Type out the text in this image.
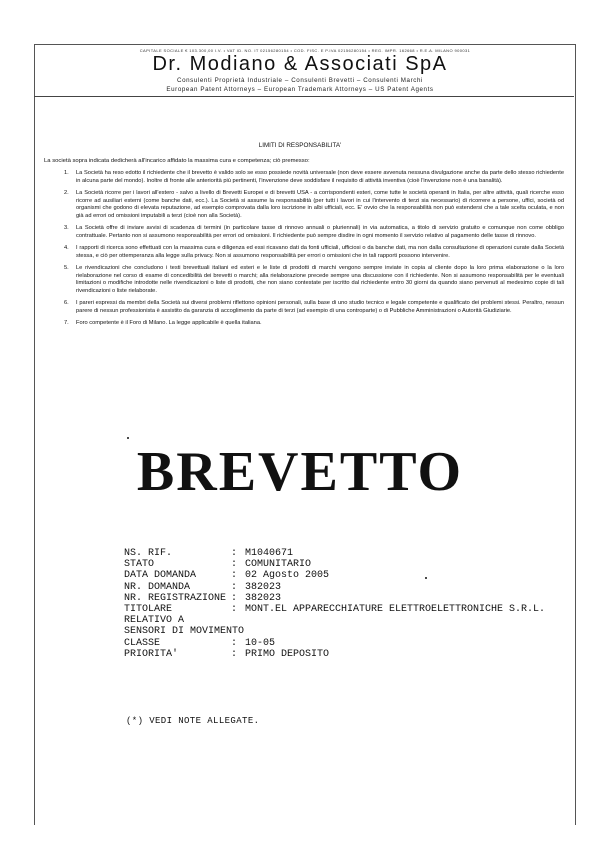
CAPITALE SOCIALE € 103.300,00 I.V. • VAT ID. NO. IT 02156280154 • COD. FISC. E P.IVA 02156280154 • REG. IMPR. 162668 • R.E.A. MILANO 900031
Dr. Modiano & Associati SpA
Consulenti Proprietà Industriale – Consulenti Brevetti – Consulenti Marchi
European Patent Attorneys – European Trademark Attorneys – US Patent Agents
LIMITI DI RESPONSABILITA'
La società sopra indicata dedicherà all'incarico affidato la massima cura e competenza; ciò premesso:
1. La Società ha reso edotto il richiedente che il brevetto è valido solo se esso possiede novità universale (non deve essere avvenuta nessuna divulgazione anche da parte dello stesso richiedente in alcuna parte del mondo). Inoltre di fronte alle anteriorità più pertinenti, l'invenzione deve soddisfare il requisito di attività inventiva (cioè l'invenzione non è una banalità).
2. La Società ricorre per i lavori all'estero - salvo a livello di Brevetti Europei e di brevetti USA - a corrispondenti esteri, come tutte le società operanti in Italia, per altre attività, quali ricerche esso ricorre ad ausiliari esterni (come banche dati, ecc.). La Società si assume la responsabilità (per tutti i lavori in cui l'intervento di terzi sia necessario) di ricorrere a persone, uffici, società od organismi che godono di elevata reputazione, ad esempio comprovata dalla loro iscrizione in albi ufficiali, ecc. E' ovvio che la responsabilità non può estendersi che a tale scelta oculata, e non già ad errori od omissioni imputabili a terzi (cioè non alla Società).
3. La Società offre di inviare avvisi di scadenza di termini (in particolare tasse di rinnovo annuali o pluriennali) in via automatica, a titolo di servizio gratuito e comunque non come obbligo contrattuale. Pertanto non si assumono responsabilità per errori od omissioni. Il richiedente può sempre disdire in ogni momento il servizio relativo al pagamento delle tasse di rinnovo.
4. I rapporti di ricerca sono effettuati con la massima cura e diligenza ed essi ricavano dati da fonti ufficiali, ufficiosi o da banche dati, ma non dalla consultazione di operazioni curate dalla Società stessa, e ciò per ottemperanza alla legge sulla privacy. Non si assumono responsabilità per errori o omissioni che in tali rapporti possono intervenire.
5. Le rivendicazioni che concludono i testi brevettuali italiani ed esteri e le liste di prodotti di marchi vengono sempre inviate in copia al cliente dopo la loro prima elaborazione o la loro rielaborazione nel corso di esame di concedibilità dei brevetti o marchi; alla rielaborazione precede sempre una discussione con il richiedente. Non si assumono responsabilità per le eventuali limitazioni o modifiche introdotte nelle rivendicazioni o liste di prodotti, che non siano contestate per iscritto dal richiedente entro 30 giorni da quando siano pervenuti al medesimo copie di tali rivendicazioni o liste rielaborate.
6. I pareri espressi da membri della Società sui diversi problemi riflettono opinioni personali, sulla base di uno studio tecnico e legale competente e qualificato dei problemi stessi. Peraltro, nessun parere di nessun professionista è assistito da garanzia di accoglimento da parte di terzi (ad esempio di una controparte) o di Pubbliche Amministrazioni o Autorità Giudiziarie.
7. Foro competente è il Foro di Milano. La legge applicabile è quella italiana.
BREVETTO
NS. RIF.	: M1040671
STATO	: COMUNITARIO
DATA DOMANDA	: 02 Agosto 2005
NR. DOMANDA	: 382023
NR. REGISTRAZIONE : 382023
TITOLARE	: MONT.EL APPARECCHIATURE ELETTROELETTRONICHE S.R.L.
RELATIVO A
SENSORI DI MOVIMENTO
CLASSE	: 10-05
PRIORITA'	: PRIMO DEPOSITO
(*) VEDI NOTE ALLEGATE.
